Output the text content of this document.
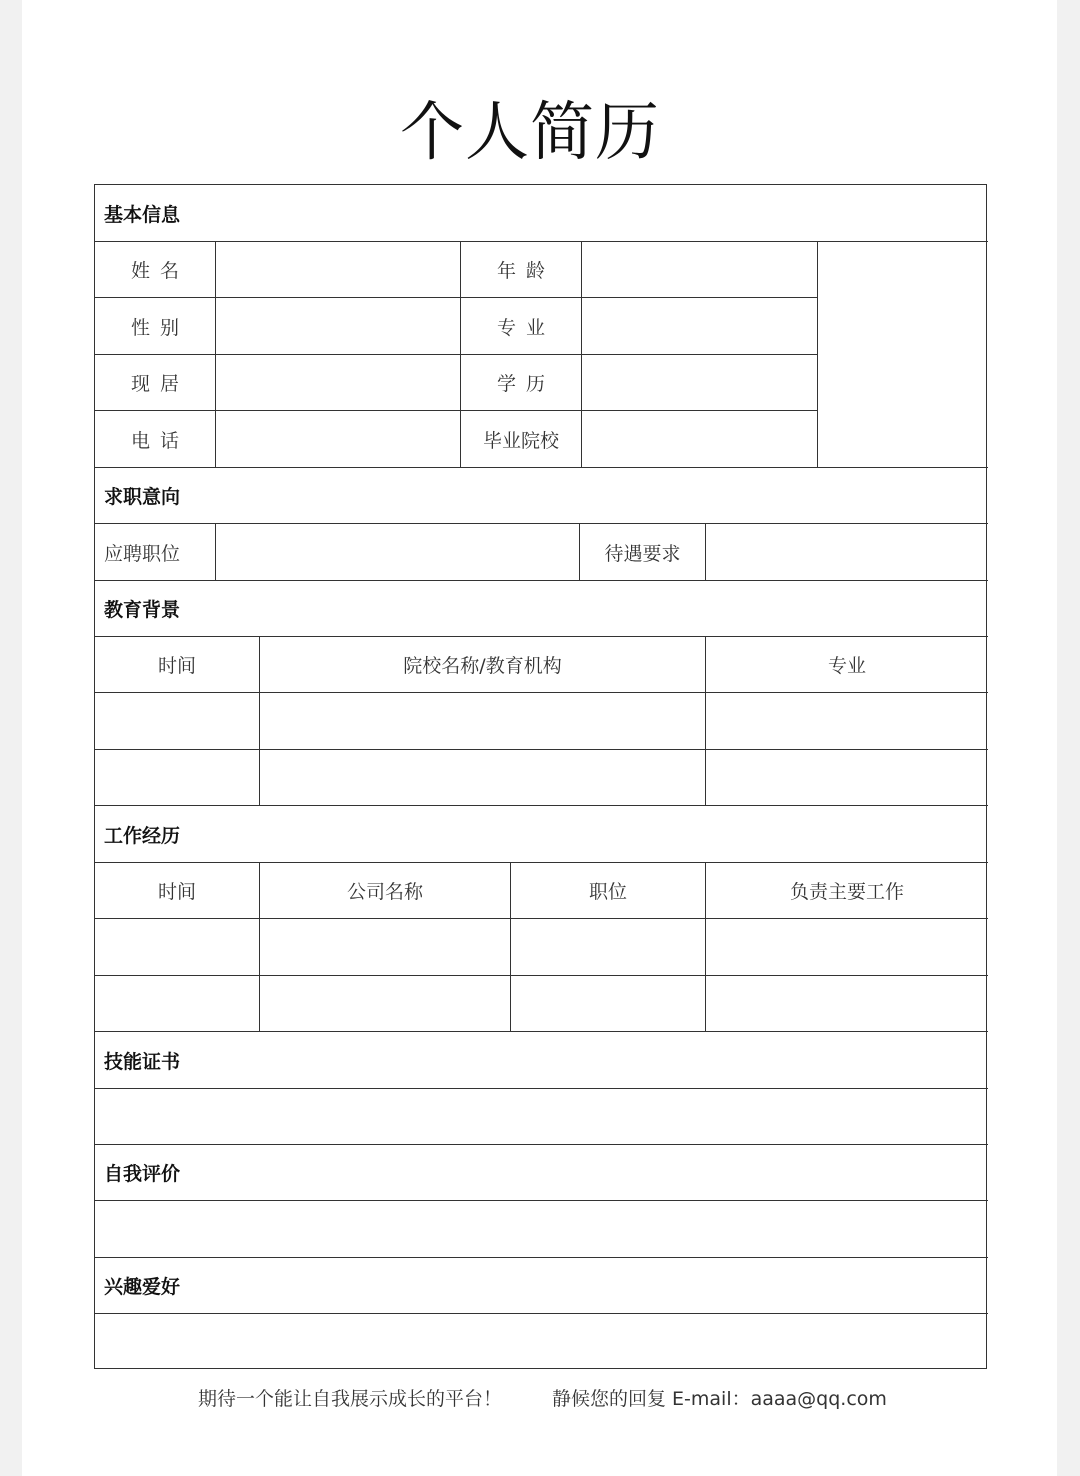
个人简历
基本信息
姓名	年龄
性别	专业
现居	学历
电话	毕业院校
求职意向
应聘职位	待遇要求
教育背景
时间	院校名称/教育机构	专业
工作经历
时间	公司名称	职位	负责主要工作
技能证书
自我评价
兴趣爱好
期待一个能让自我展示成长的平台！	静候您的回复 E-mail：aaaa@qq.com
